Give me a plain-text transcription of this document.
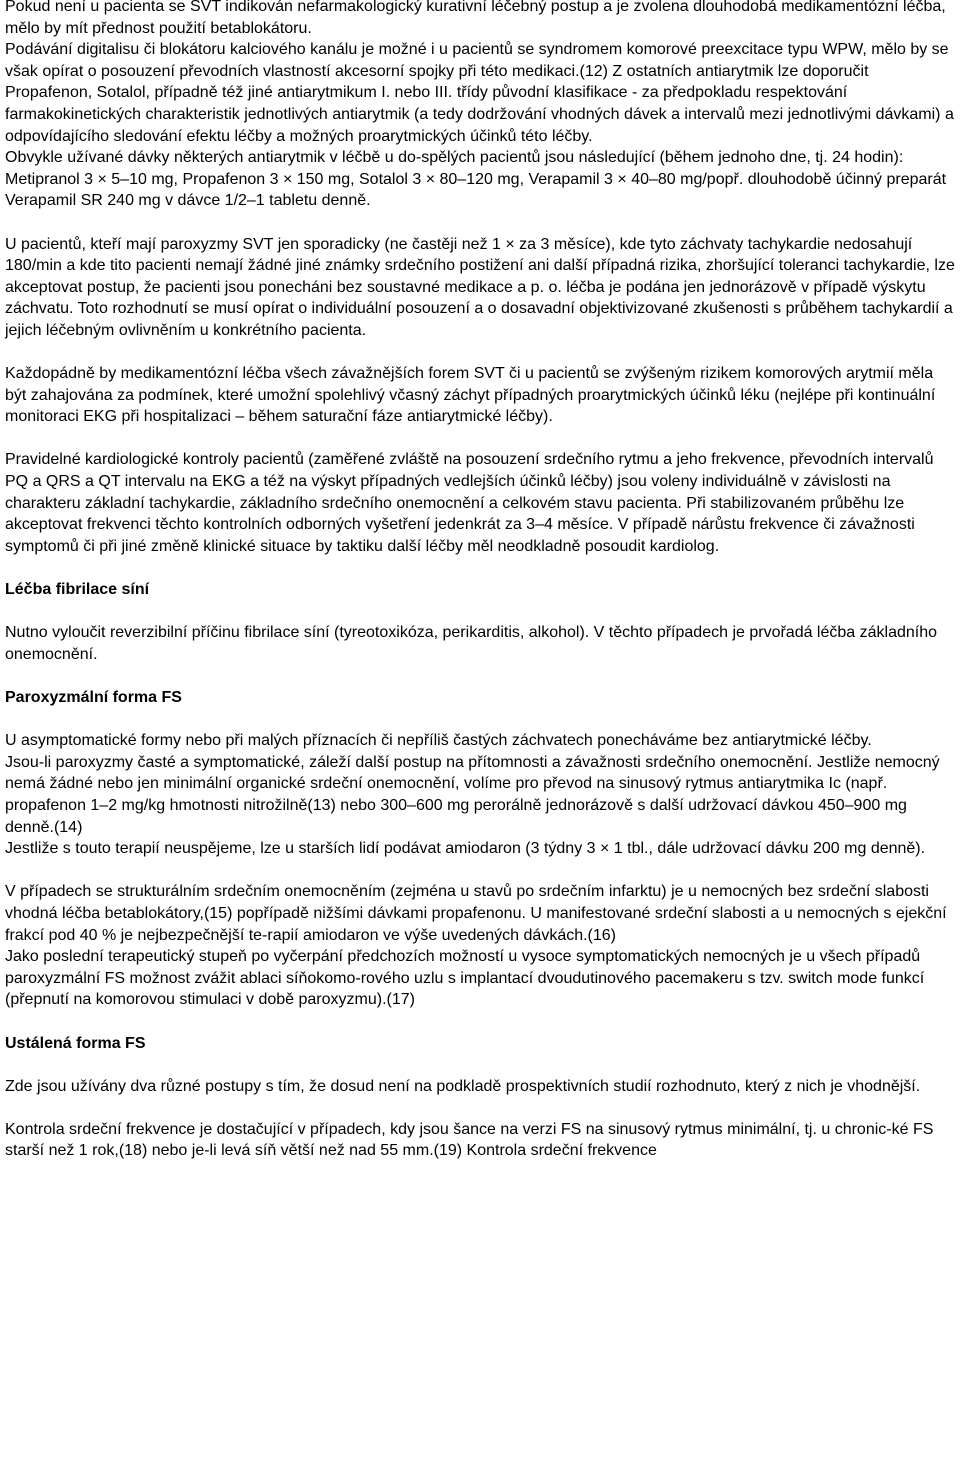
Pokud není u pacienta se SVT indikován nefarmakologický kurativní léčebný postup a je zvolena dlouhodobá medikamentózní léčba, mělo by mít přednost použití betablokátoru.

Podávání digitalisu či blokátoru kalciového kanálu je možné i u pacientů se syndromem komorové preexcitace typu WPW, mělo by se však opírat o posouzení převodních vlastností akcesorní spojky při této medikaci.(12) Z ostatních antiarytmik lze doporučit Propafenon, Sotalol, případně též jiné antiarytmikum I. nebo III. třídy původní klasifikace - za předpokladu respektování farmakokinetických charakteristik jednotlivých antiarytmik (a tedy dodržování vhodných dávek a intervalů mezi jednotlivými dávkami) a odpovídajícího sledování efektu léčby a možných proarytmických účinků této léčby.

Obvykle užívané dávky některých antiarytmik v léčbě u do-spělých pacientů jsou následující (během jednoho dne, tj. 24 hodin):

Metipranol 3 × 5–10 mg, Propafenon 3 × 150 mg, Sotalol 3 × 80–120 mg, Verapamil 3 × 40–80 mg/popř. dlouhodobě účinný preparát Verapamil SR 240 mg v dávce 1/2–1 tabletu denně.

U pacientů, kteří mají paroxyzmy SVT jen sporadicky (ne častěji než 1 × za 3 měsíce), kde tyto záchvaty tachykardie nedosahují 180/min a kde tito pacienti nemají žádné jiné známky srdečního postižení ani další případná rizika, zhoršující toleranci tachykardie, lze akceptovat postup, že pacienti jsou ponecháni bez soustavné medikace a p. o. léčba je podána jen jednorázově v případě výskytu záchvatu. Toto rozhodnutí se musí opírat o individuální posouzení a o dosavadní objektivizované zkušenosti s průběhem tachykardií a jejich léčebným ovlivněním u konkrétního pacienta.

Každopádně by medikamentózní léčba všech závažnějších forem SVT či u pacientů se zvýšeným rizikem komorových arytmií měla být zahajována za podmínek, které umožní spolehlivý včasný záchyt případných proarytmických účinků léku (nejlépe při kontinuální monitoraci EKG při hospitalizaci – během saturační fáze antiarytmické léčby).

Pravidelné kardiologické kontroly pacientů (zaměřené zvláště na posouzení srdečního rytmu a jeho frekvence, převodních intervalů PQ a QRS a QT intervalu na EKG a též na výskyt případných vedlejších účinků léčby) jsou voleny individuálně v závislosti na charakteru základní tachykardie, základního srdečního onemocnění a celkovém stavu pacienta. Při stabilizovaném průběhu lze akceptovat frekvenci těchto kontrolních odborných vyšetření jedenkrát za 3–4 měsíce. V případě nárůstu frekvence či závažnosti symptomů či při jiné změně klinické situace by taktiku další léčby měl neodkladně posoudit kardiolog.

Léčba fibrilace síní

Nutno vyloučit reverzibilní příčinu fibrilace síní (tyreotoxikóza, perikarditis, alkohol). V těchto případech je prvořadá léčba základního onemocnění.

Paroxyzmální forma FS

U asymptomatické formy nebo při malých příznacích či nepříliš častých záchvatech ponecháváme bez antiarytmické léčby.

Jsou-li paroxyzmy časté a symptomatické, záleží další postup na přítomnosti a závažnosti srdečního onemocnění. Jestliže nemocný nemá žádné nebo jen minimální organické srdeční onemocnění, volíme pro převod na sinusový rytmus antiarytmika Ic (např. propafenon 1–2 mg/kg hmotnosti nitrožilně(13) nebo 300–600 mg perorálně jednorázově s další udržovací dávkou 450–900 mg denně.(14)

Jestliže s touto terapií neuspějeme, lze u starších lidí podávat amiodaron (3 týdny 3 × 1 tbl., dále udržovací dávku 200 mg denně).

V případech se strukturálním srdečním onemocněním (zejména u stavů po srdečním infarktu) je u nemocných bez srdeční slabosti vhodná léčba betablokátory,(15) popřípadě nižšími dávkami propafenonu. U manifestované srdeční slabosti a u nemocných s ejekční frakcí pod 40 % je nejbezpečnější te-rapií amiodaron ve výše uvedených dávkách.(16)

Jako poslední terapeutický stupeň po vyčerpání předchozích možností u vysoce symptomatických nemocných je u všech případů paroxyzmální FS možnost zvážit ablaci síňokomo-rového uzlu s implantací dvoudutinového pacemakeru s tzv. switch mode funkcí (přepnutí na komorovou stimulaci v době paroxyzmu).(17)

Ustálená forma FS

Zde jsou užívány dva různé postupy s tím, že dosud není na podkladě prospektivních studií rozhodnuto, který z nich je vhodnější.

Kontrola srdeční frekvence je dostačující v případech, kdy jsou šance na verzi FS na sinusový rytmus minimální, tj. u chronic-ké FS starší než 1 rok,(18) nebo je-li levá síň větší než nad 55 mm.(19) Kontrola srdeční frekvence
